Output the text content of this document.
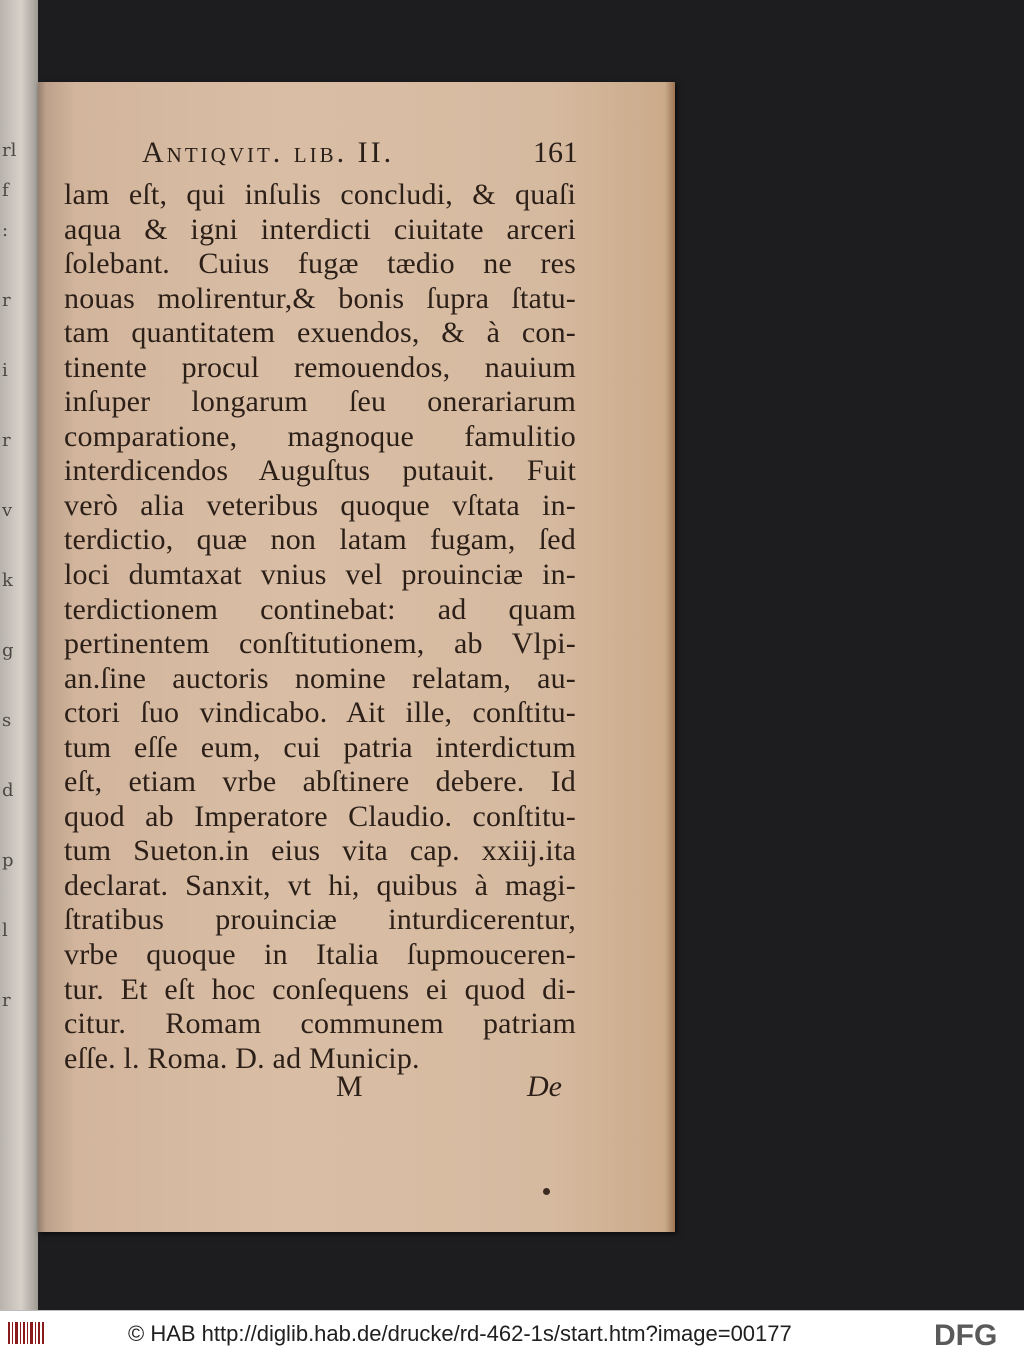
rl
f
:
r
i
r
v
k
g
s
d
p
l
r
Antiqvit. lib. II.	161
lam eſt, qui inſulis concludi, & quaſi
aqua & igni interdicti ciuitate arceri
ſolebant. Cuius fugæ tædio ne res
nouas molirentur,& bonis ſupra ſtatu-
tam quantitatem exuendos, & à con-
tinente procul remouendos, nauium
inſuper longarum ſeu onerariarum
comparatione, magnoque famulitio
interdicendos Auguſtus putauit. Fuit
verò alia veteribus quoque vſtata in-
terdictio, quæ non latam fugam, ſed
loci dumtaxat vnius vel prouinciæ in-
terdictionem continebat: ad quam
pertinentem conſtitutionem, ab Vlpi-
an.ſine auctoris nomine relatam, au-
ctori ſuo vindicabo. Ait ille, conſtitu-
tum eſſe eum, cui patria interdictum
eſt, etiam vrbe abſtinere debere. Id
quod ab Imperatore Claudio. conſtitu-
tum Sueton.in eius vita cap. xxiij.ita
declarat. Sanxit, vt hi, quibus à magi-
ſtratibus prouinciæ inturdicerentur,
vrbe quoque in Italia ſupmouceren-
tur. Et eſt hoc conſequens ei quod di-
citur. Romam communem patriam
eſſe. l. Roma. D. ad Municip.
M	De
© HAB http://diglib.hab.de/drucke/rd-462-1s/start.htm?image=00177	DFG
